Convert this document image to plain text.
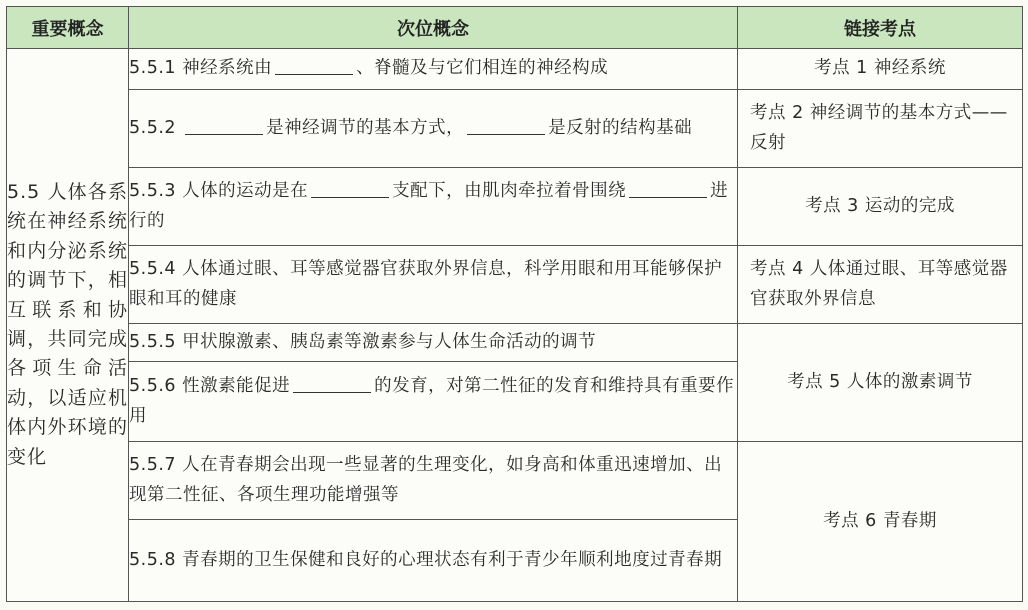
重要概念	次位概念	链接考点
5.5 人体各系统在神经系统和内分泌系统的调节下，相互联系和协调，共同完成各项生命活动，以适应机体内外环境的变化	5.5.1 神经系统由 、脊髓及与它们相连的神经构成	考点 1 神经系统
	5.5.2 是神经调节的基本方式， 是反射的结构基础	考点 2 神经调节的基本方式——反射
	5.5.3 人体的运动是在 支配下，由肌肉牵拉着骨围绕 进行的	考点 3 运动的完成
	5.5.4 人体通过眼、耳等感觉器官获取外界信息，科学用眼和用耳能够保护眼和耳的健康	考点 4 人体通过眼、耳等感觉器官获取外界信息
	5.5.5 甲状腺激素、胰岛素等激素参与人体生命活动的调节	考点 5 人体的激素调节
	5.5.6 性激素能促进 的发育，对第二性征的发育和维持具有重要作用	
	5.5.7 人在青春期会出现一些显著的生理变化，如身高和体重迅速增加、出现第二性征、各项生理功能增强等	考点 6 青春期
	5.5.8 青春期的卫生保健和良好的心理状态有利于青少年顺利地度过青春期	
